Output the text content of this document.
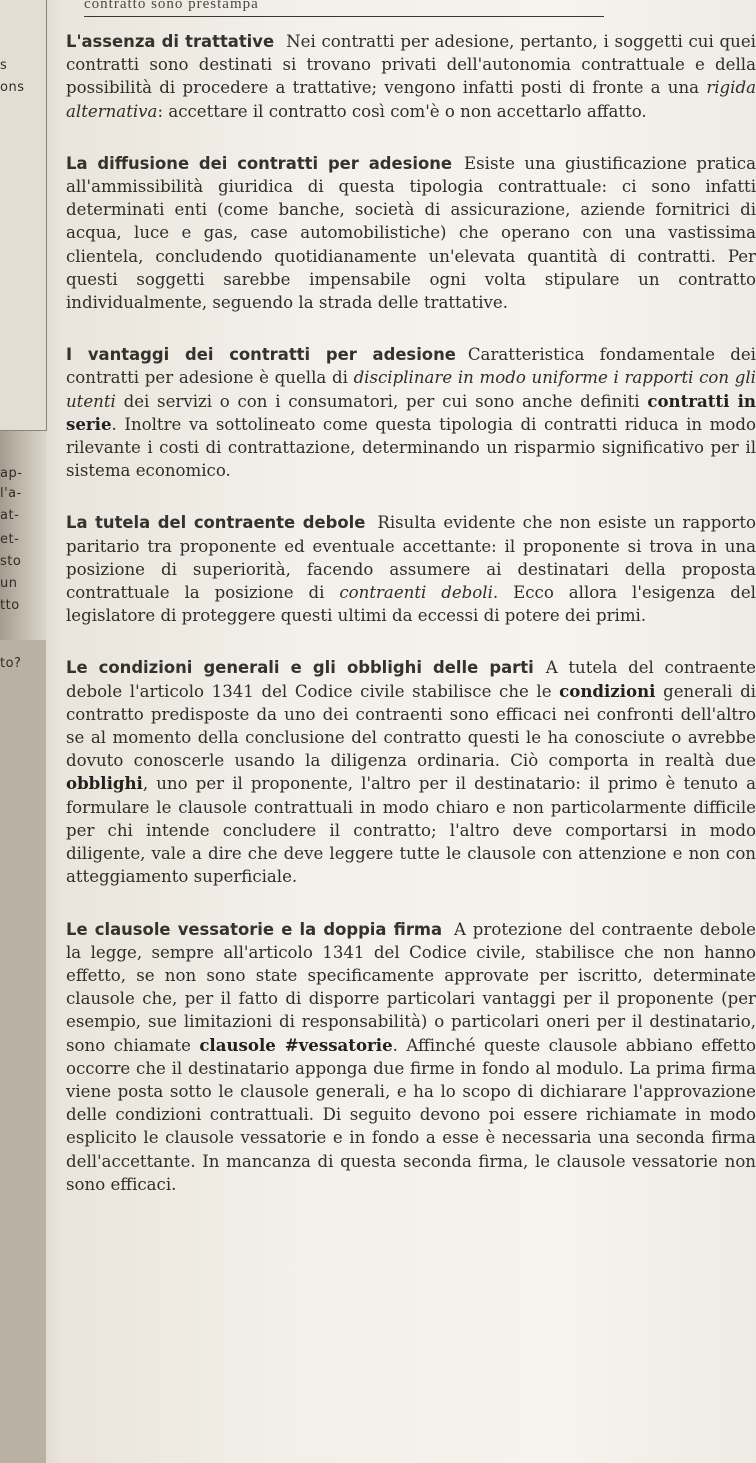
s
ons
ap-
l'a-
at-
et-
sto
un
tto
to?
contratto sono prestampa

L'assenza di trattative Nei contratti per adesione, pertanto, i soggetti cui quei contratti sono destinati si trovano privati dell'autonomia contrattuale e della possibilità di procedere a trattative; vengono infatti posti di fronte a una rigida alternativa: accettare il contratto così com'è o non accettarlo affatto.

La diffusione dei contratti per adesione Esiste una giustificazione pratica all'ammissibilità giuridica di questa tipologia contrattuale: ci sono infatti determinati enti (come banche, società di assicurazione, aziende fornitrici di acqua, luce e gas, case automobilistiche) che operano con una vastissima clientela, concludendo quotidianamente un'elevata quantità di contratti. Per questi soggetti sarebbe impensabile ogni volta stipulare un contratto individualmente, seguendo la strada delle trattative.

I vantaggi dei contratti per adesione Caratteristica fondamentale dei contratti per adesione è quella di disciplinare in modo uniforme i rapporti con gli utenti dei servizi o con i consumatori, per cui sono anche definiti contratti in serie. Inoltre va sottolineato come questa tipologia di contratti riduca in modo rilevante i costi di contrattazione, determinando un risparmio significativo per il sistema economico.

La tutela del contraente debole Risulta evidente che non esiste un rapporto paritario tra proponente ed eventuale accettante: il proponente si trova in una posizione di superiorità, facendo assumere ai destinatari della proposta contrattuale la posizione di contraenti deboli. Ecco allora l'esigenza del legislatore di proteggere questi ultimi da eccessi di potere dei primi.

Le condizioni generali e gli obblighi delle parti A tutela del contraente debole l'articolo 1341 del Codice civile stabilisce che le condizioni generali di contratto predisposte da uno dei contraenti sono efficaci nei confronti dell'altro se al momento della conclusione del contratto questi le ha conosciute o avrebbe dovuto conoscerle usando la diligenza ordinaria. Ciò comporta in realtà due obblighi, uno per il proponente, l'altro per il destinatario: il primo è tenuto a formulare le clausole contrattuali in modo chiaro e non particolarmente difficile per chi intende concludere il contratto; l'altro deve comportarsi in modo diligente, vale a dire che deve leggere tutte le clausole con attenzione e non con atteggiamento superficiale.

Le clausole vessatorie e la doppia firma A protezione del contraente debole la legge, sempre all'articolo 1341 del Codice civile, stabilisce che non hanno effetto, se non sono state specificamente approvate per iscritto, determinate clausole che, per il fatto di disporre particolari vantaggi per il proponente (per esempio, sue limitazioni di responsabilità) o particolari oneri per il destinatario, sono chiamate clausole #vessatorie. Affinché queste clausole abbiano effetto occorre che il destinatario apponga due firme in fondo al modulo. La prima firma viene posta sotto le clausole generali, e ha lo scopo di dichiarare l'approvazione delle condizioni contrattuali. Di seguito devono poi essere richiamate in modo esplicito le clausole vessatorie e in fondo a esse è necessaria una seconda firma dell'accettante. In mancanza di questa seconda firma, le clausole vessatorie non sono efficaci.
